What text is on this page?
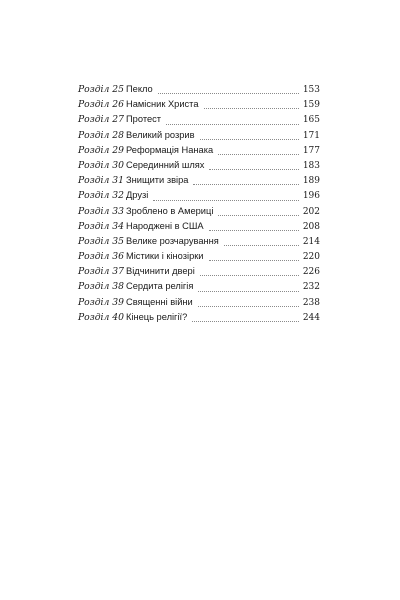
Розділ 25 Пекло	153
Розділ 26 Намісник Христа	159
Розділ 27 Протест	165
Розділ 28 Великий розрив	171
Розділ 29 Реформація Нанака	177
Розділ 30 Серединний шлях	183
Розділ 31 Знищити звіра	189
Розділ 32 Друзі	196
Розділ 33 Зроблено в Америці	202
Розділ 34 Народжені в США	208
Розділ 35 Велике розчарування	214
Розділ 36 Містики і кінозірки	220
Розділ 37 Відчинити двері	226
Розділ 38 Сердита релігія	232
Розділ 39 Священні війни	238
Розділ 40 Кінець релігії?	244
